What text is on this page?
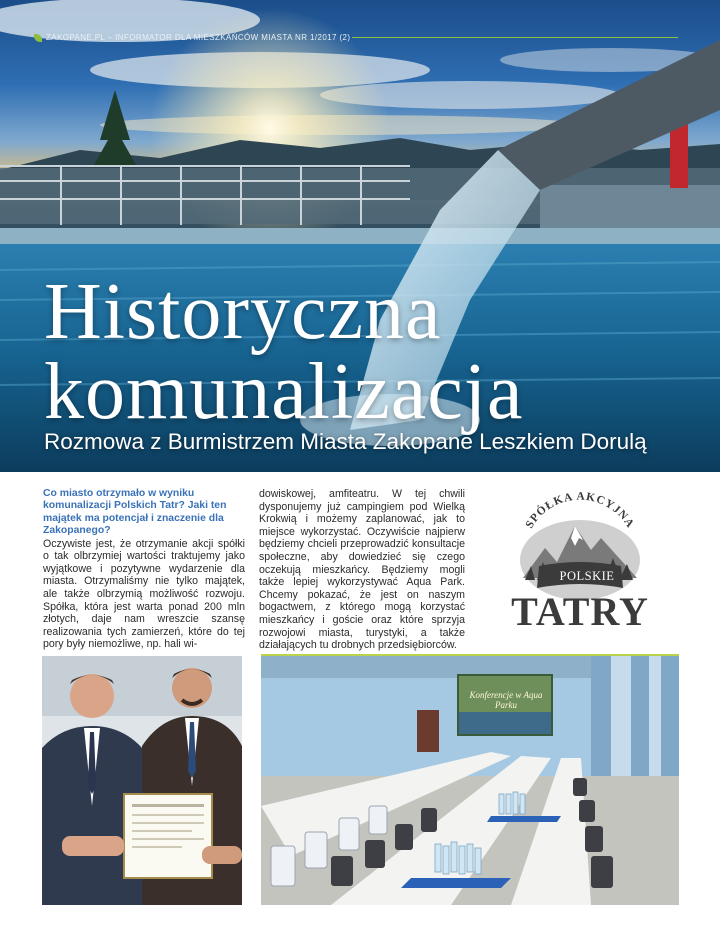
ZAKOPANE.PL – INFORMATOR DLA MIESZKAŃCÓW MIASTA NR 1/2017 (2)
Historyczna komunalizacja
Rozmowa z Burmistrzem Miasta Zakopane Leszkiem Dorulą

Co miasto otrzymało w wyniku komunalizacji Polskich Tatr? Jaki ten majątek ma potencjał i znaczenie dla Zakopanego?

Oczywiste jest, że otrzymanie akcji spółki o tak olbrzymiej wartości traktujemy jako wyjątkowe i pozytywne wydarzenie dla miasta. Otrzymaliśmy nie tylko majątek, ale także olbrzymią możliwość rozwoju. Spółka, która jest warta ponad 200 mln złotych, daje nam wreszcie szansę realizowania tych zamierzeń, które do tej pory były niemożliwe, np. hali wi-

dowiskowej, amfiteatru. W tej chwili dysponujemy już campingiem pod Wielką Krokwią i możemy zaplanować, jak to miejsce wykorzystać. Oczywiście najpierw będziemy chcieli przeprowadzić konsultacje społeczne, aby dowiedzieć się czego oczekują mieszkańcy. Będziemy mogli także lepiej wykorzystywać Aqua Park. Chcemy pokazać, że jest on naszym bogactwem, z którego mogą korzystać mieszkańcy i goście oraz które sprzyja rozwojowi miasta, turystyki, a także działających tu drobnych przedsiębiorców.

SPÓŁKA AKCYJNA
POLSKIE
TATRY
Konferencje w Aqua Parku
